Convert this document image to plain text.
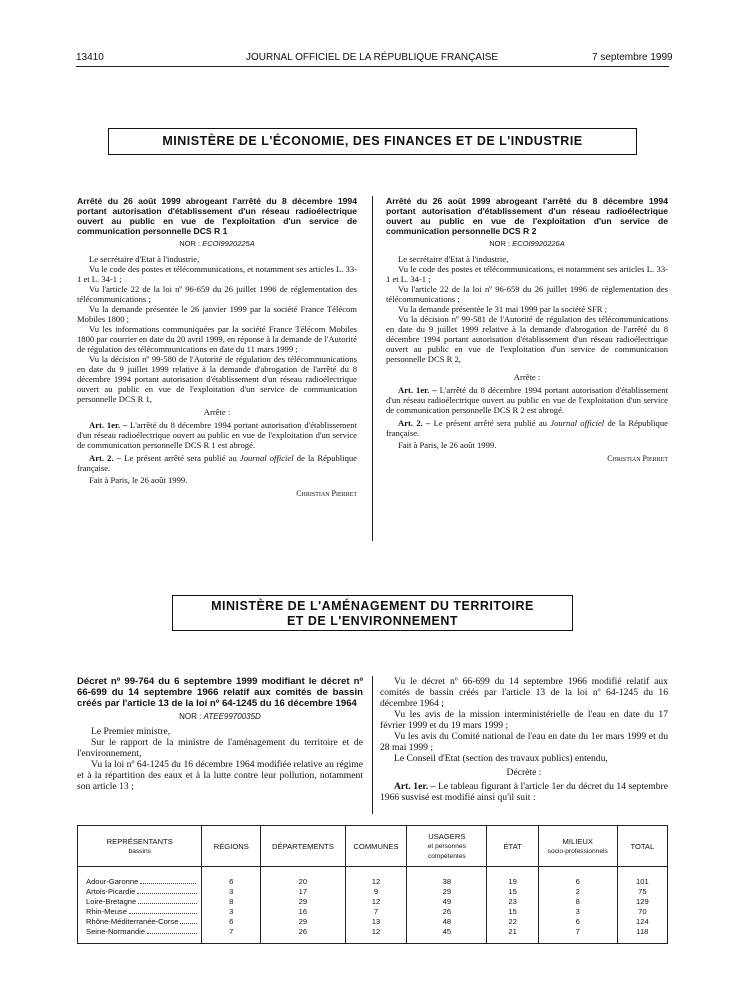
13410	JOURNAL OFFICIEL DE LA RÉPUBLIQUE FRANÇAISE	7 septembre 1999
MINISTÈRE DE L'ÉCONOMIE, DES FINANCES ET DE L'INDUSTRIE

Arrêté du 26 août 1999 abrogeant l'arrêté du 8 décembre 1994 portant autorisation d'établissement d'un réseau radioélectrique ouvert au public en vue de l'exploitation d'un service de communication personnelle DCS R 1

NOR : ECOI9920225A

Le secrétaire d'Etat à l'industrie,

Vu le code des postes et télécommunications, et notamment ses articles L. 33-1 et L. 34-1 ;

Vu l'article 22 de la loi nº 96-659 du 26 juillet 1996 de réglementation des télécommunications ;

Vu la demande présentée le 26 janvier 1999 par la société France Télécom Mobiles 1800 ;

Vu les informations communiquées par la société France Télécom Mobiles 1800 par courrier en date du 20 avril 1999, en réponse à la demande de l'Autorité de régulation des télécommunications en date du 11 mars 1999 ;

Vu la décision nº 99-580 de l'Autorité de régulation des télécommunications en date du 9 juillet 1999 relative à la demande d'abrogation de l'arrêté du 8 décembre 1994 portant autorisation d'établissement d'un réseau radioélectrique ouvert au public en vue de l'exploitation d'un service de communication personnelle DCS R 1,

Arrête :

Art. 1er. – L'arrêté du 8 décembre 1994 portant autorisation d'établissement d'un réseau radioélectrique ouvert au public en vue de l'exploitation d'un service de communication personnelle DCS R 1 est abrogé.

Art. 2. – Le présent arrêté sera publié au Journal officiel de la République française.

Fait à Paris, le 26 août 1999.

Christian Pierret

Arrêté du 26 août 1999 abrogeant l'arrêté du 8 décembre 1994 portant autorisation d'établissement d'un réseau radioélectrique ouvert au public en vue de l'exploitation d'un service de communication personnelle DCS R 2

NOR : ECOI9920226A

Le secrétaire d'Etat à l'industrie,

Vu le code des postes et télécommunications, et notamment ses articles L. 33-1 et L. 34-1 ;

Vu l'article 22 de la loi nº 96-659 du 26 juillet 1996 de réglementation des télécommunications ;

Vu la demande présentée le 31 mai 1999 par la société SFR ;

Vu la décision nº 99-581 de l'Autorité de régulation des télécommunications en date du 9 juillet 1999 relative à la demande d'abrogation de l'arrêté du 8 décembre 1994 portant autorisation d'établissement d'un réseau radioélectrique ouvert au public en vue de l'exploitation d'un service de communication personnelle DCS R 2,

Arrête :

Art. 1er. – L'arrêté du 8 décembre 1994 portant autorisation d'établissement d'un réseau radioélectrique ouvert au public en vue de l'exploitation d'un service de communication personnelle DCS R 2 est abrogé.

Art. 2. – Le présent arrêté sera publié au Journal officiel de la République française.

Fait à Paris, le 26 août 1999.

Christian Pierret

MINISTÈRE DE L'AMÉNAGEMENT DU TERRITOIRE
ET DE L'ENVIRONNEMENT

Décret nº 99-764 du 6 septembre 1999 modifiant le décret nº 66-699 du 14 septembre 1966 relatif aux comités de bassin créés par l'article 13 de la loi nº 64-1245 du 16 décembre 1964

NOR : ATEE9970035D

Le Premier ministre,

Sur le rapport de la ministre de l'aménagement du territoire et de l'environnement,

Vu la loi nº 64-1245 du 16 décembre 1964 modifiée relative au régime et à la répartition des eaux et à la lutte contre leur pollution, notamment son article 13 ;

Vu le décret nº 66-699 du 14 septembre 1966 modifié relatif aux comités de bassin créés par l'article 13 de la loi nº 64-1245 du 16 décembre 1964 ;

Vu les avis de la mission interministérielle de l'eau en date du 17 février 1999 et du 19 mars 1999 ;

Vu les avis du Comité national de l'eau en date du 1er mars 1999 et du 28 mai 1999 ;

Le Conseil d'Etat (section des travaux publics) entendu,

Décrète :

Art. 1er. – Le tableau figurant à l'article 1er du décret du 14 septembre 1966 susvisé est modifié ainsi qu'il suit :

REPRÉSENTANTS
bassins	RÉGIONS	DÉPARTEMENTS	COMMUNES	USAGERS
et personnes compétentes	ÉTAT	MILIEUX
socio-professionnels	TOTAL

Adour-Garonne	6	20	12	38	19	6	101
Artois-Picardie	3	17	9	29	15	2	75
Loire-Bretagne	8	29	12	49	23	8	129
Rhin-Meuse	3	16	7	26	15	3	70
Rhône-Méditerranée-Corse	6	29	13	48	22	6	124
Seine-Normandie	7	26	12	45	21	7	118
